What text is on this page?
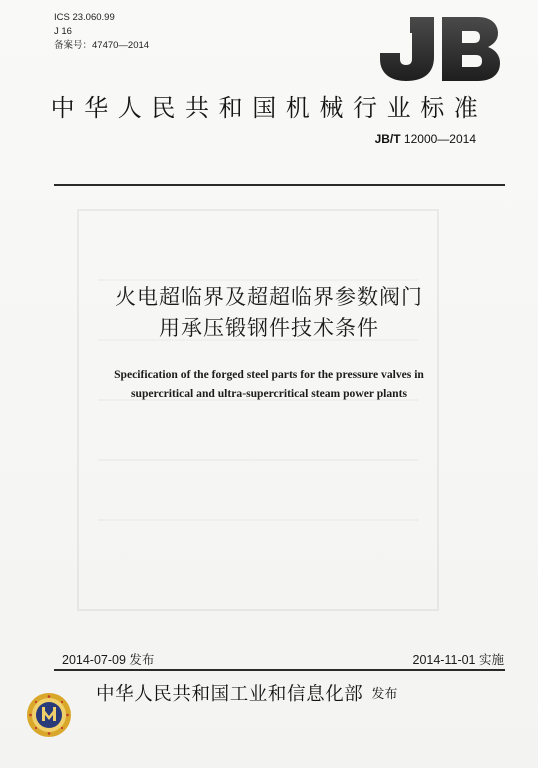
ICS 23.060.99
J 16
备案号：47470—2014
中华人民共和国机械行业标准
JB/T 12000—2014
火电超临界及超超临界参数阀门
用承压锻钢件技术条件
Specification of the forged steel parts for the pressure valves in
supercritical and ultra-supercritical steam power plants
2014-07-09 发布	2014-11-01 实施
中华人民共和国工业和信息化部 发布
